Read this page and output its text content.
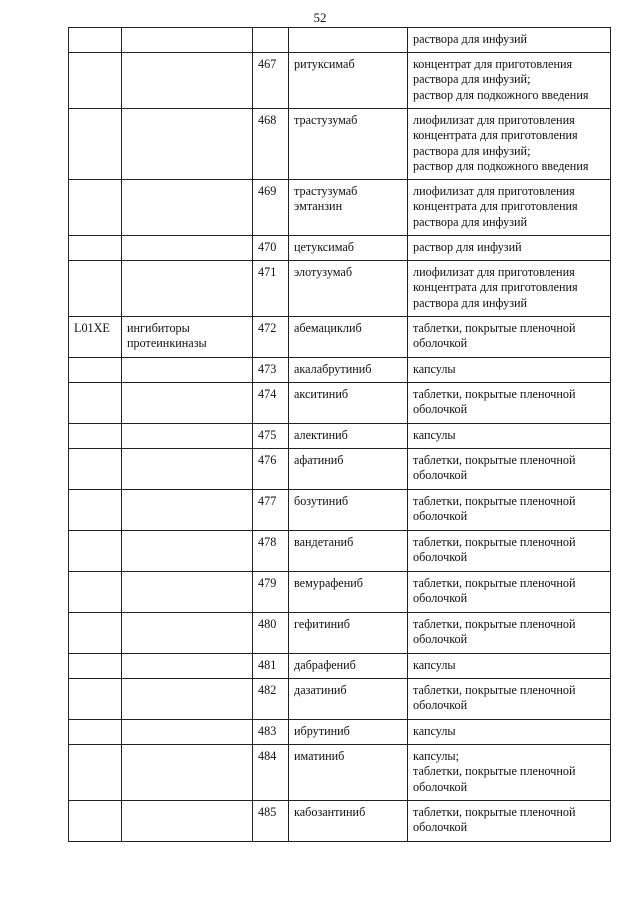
52

				раствора для инфузий

		467	ритуксимаб	концентрат для приготовления
раствора для инфузий;
раствор для подкожного введения

		468	трастузумаб	лиофилизат для приготовления
концентрата для приготовления
раствора для инфузий;
раствор для подкожного введения

		469	трастузумаб эмтанзин	лиофилизат для приготовления
концентрата для приготовления
раствора для инфузий

		470	цетуксимаб	раствор для инфузий

		471	элотузумаб	лиофилизат для приготовления
концентрата для приготовления
раствора для инфузий

L01XE	ингибиторы протеинкиназы	472	абемациклиб	таблетки, покрытые пленочной
оболочкой

		473	акалабрутиниб	капсулы

		474	акситиниб	таблетки, покрытые пленочной
оболочкой

		475	алектиниб	капсулы

		476	афатиниб	таблетки, покрытые пленочной
оболочкой

		477	бозутиниб	таблетки, покрытые пленочной
оболочкой

		478	вандетаниб	таблетки, покрытые пленочной
оболочкой

		479	вемурафениб	таблетки, покрытые пленочной
оболочкой

		480	гефитиниб	таблетки, покрытые пленочной
оболочкой

		481	дабрафениб	капсулы

		482	дазатиниб	таблетки, покрытые пленочной
оболочкой

		483	ибрутиниб	капсулы

		484	иматиниб	капсулы;
таблетки, покрытые пленочной
оболочкой

		485	кабозантиниб	таблетки, покрытые пленочной
оболочкой
